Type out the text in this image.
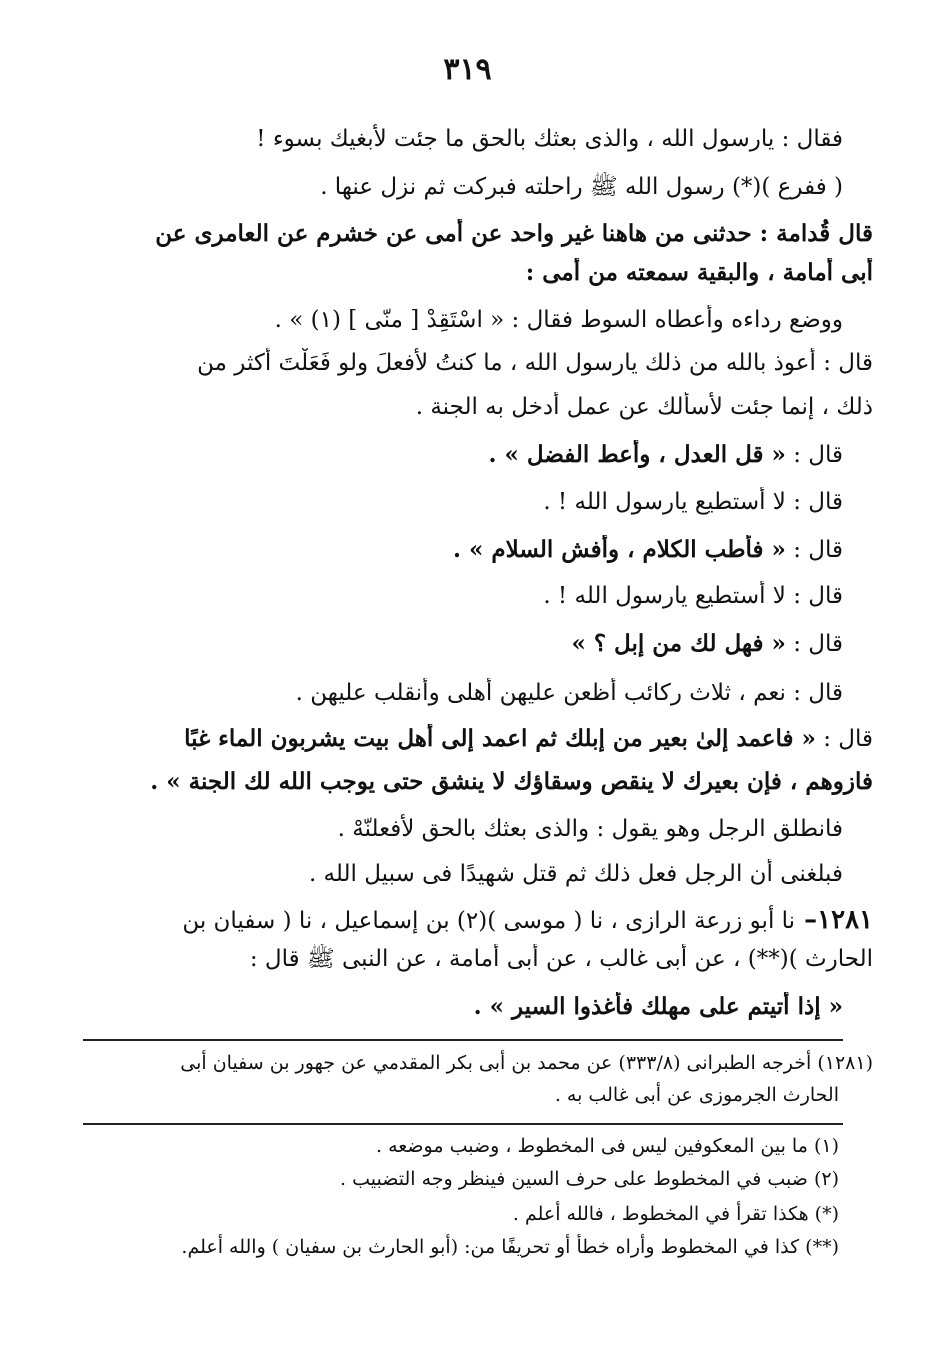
٣١٩
فقال : يارسول الله ، والذى بعثك بالحق ما جئت لأبغيك بسوء !
( ففرع )(*) رسول الله ﷺ راحلته فبركت ثم نزل عنها .
قال قُدامة : حدثنى من هاهنا غير واحد عن أمى عن خشرم عن العامرى عن
أبى أمامة ، والبقية سمعته من أمى :
ووضع رداءه وأعطاه السوط فقال : « اسْتَقِدْ [ منّى ] (١) » .
قال : أعوذ بالله من ذلك يارسول الله ، ما كنتُ لأفعلَ ولو فَعَلْتَ أكثر من
ذلك ، إنما جئت لأسألك عن عمل أدخل به الجنة .
قال : « قل العدل ، وأعط الفضل » .
قال : لا أستطيع يارسول الله ! .
قال : « فأطب الكلام ، وأفش السلام » .
قال : لا أستطيع يارسول الله ! .
قال : « فهل لك من إبل ؟ »
قال : نعم ، ثلاث ركائب أظعن عليهن أهلى وأنقلب عليهن .
قال : « فاعمد إلىٰ بعير من إبلك ثم اعمد إلى أهل بيت يشربون الماء غبًا
فازوهم ، فإن بعيرك لا ينقص وسقاؤك لا ينشق حتى يوجب الله لك الجنة » .
فانطلق الرجل وهو يقول : والذى بعثك بالحق لأفعلنّهْ .
فبلغنى أن الرجل فعل ذلك ثم قتل شهيدًا فى سبيل الله .
١٢٨١– نا أبو زرعة الرازى ، نا ( موسى )(٢) بن إسماعيل ، نا ( سفيان بن
الحارث )(**) ، عن أبى غالب ، عن أبى أمامة ، عن النبى ﷺ قال :
« إذا أتيتم على مهلك فأغذوا السير » .
(١٢٨١) أخرجه الطبرانى (٣٣٣/٨) عن محمد بن أبى بكر المقدمي عن جهور بن سفيان أبى
الحارث الجرموزى عن أبى غالب به .
(١) ما بين المعكوفين ليس فى المخطوط ، وضبب موضعه .
(٢) ضبب في المخطوط على حرف السين فينظر وجه التضبيب .
(*) هكذا تقرأ في المخطوط ، فالله أعلم .
(**) كذا في المخطوط وأراه خطأ أو تحريفًا من: (أبو الحارث بن سفيان ) والله أعلم.
